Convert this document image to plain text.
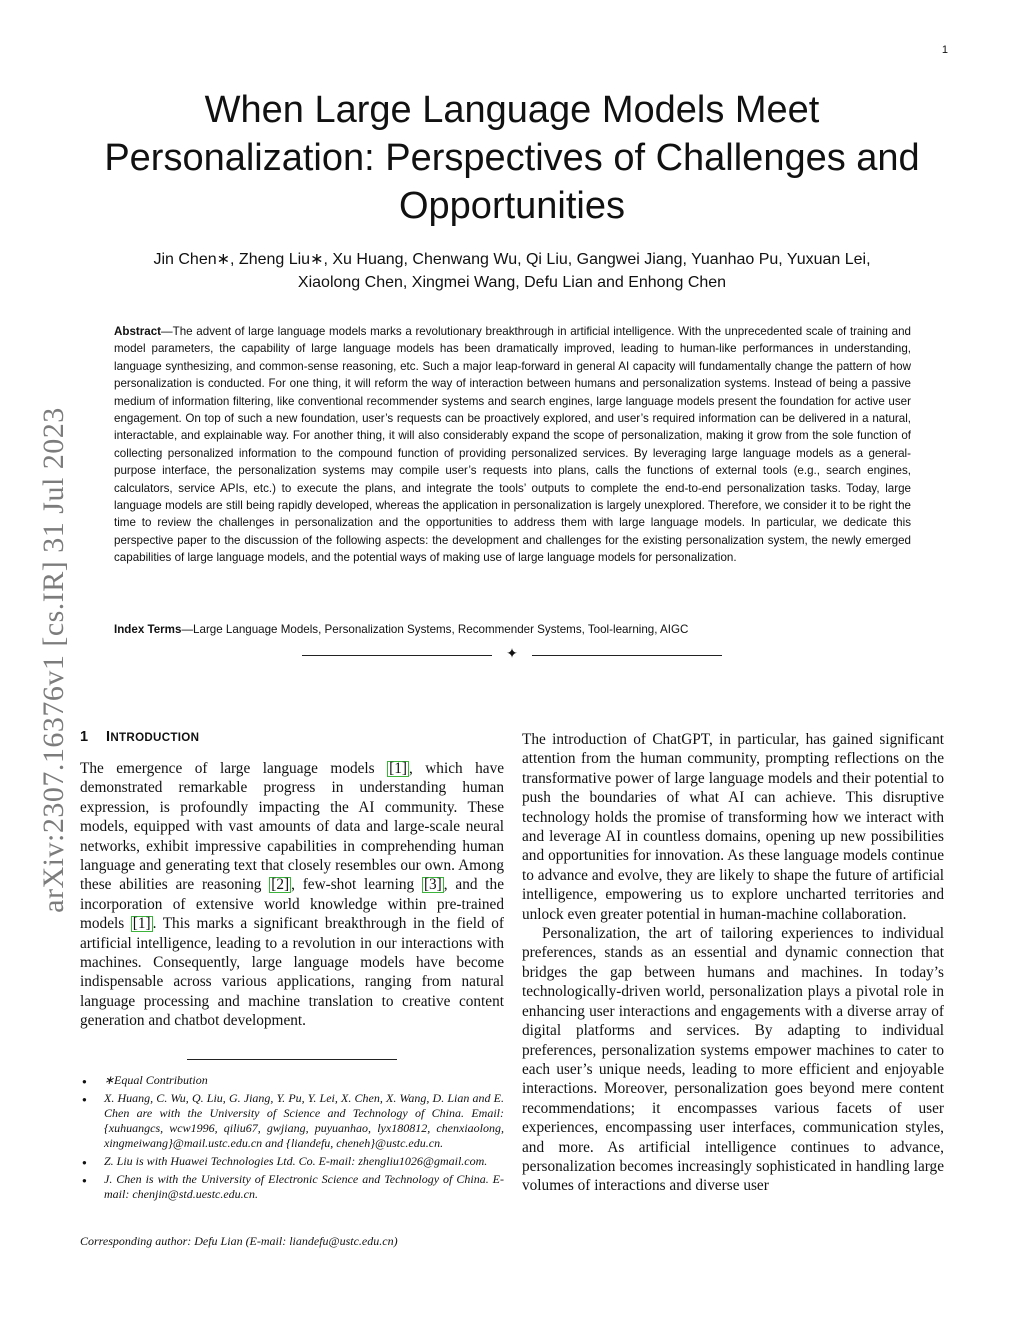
1
arXiv:2307.16376v1 [cs.IR] 31 Jul 2023
When Large Language Models Meet
Personalization: Perspectives of Challenges and
Opportunities
Jin Chen∗, Zheng Liu∗, Xu Huang, Chenwang Wu, Qi Liu, Gangwei Jiang, Yuanhao Pu, Yuxuan Lei,
Xiaolong Chen, Xingmei Wang, Defu Lian and Enhong Chen

Abstract—The advent of large language models marks a revolutionary breakthrough in artificial intelligence. With the unprecedented scale of training and model parameters, the capability of large language models has been dramatically improved, leading to human-like performances in understanding, language synthesizing, and common-sense reasoning, etc. Such a major leap-forward in general AI capacity will fundamentally change the pattern of how personalization is conducted. For one thing, it will reform the way of interaction between humans and personalization systems. Instead of being a passive medium of information filtering, like conventional recommender systems and search engines, large language models present the foundation for active user engagement. On top of such a new foundation, user’s requests can be proactively explored, and user’s required information can be delivered in a natural, interactable, and explainable way. For another thing, it will also considerably expand the scope of personalization, making it grow from the sole function of collecting personalized information to the compound function of providing personalized services. By leveraging large language models as a general-purpose interface, the personalization systems may compile user’s requests into plans, calls the functions of external tools (e.g., search engines, calculators, service APIs, etc.) to execute the plans, and integrate the tools’ outputs to complete the end-to-end personalization tasks. Today, large language models are still being rapidly developed, whereas the application in personalization is largely unexplored. Therefore, we consider it to be right the time to review the challenges in personalization and the opportunities to address them with large language models. In particular, we dedicate this perspective paper to the discussion of the following aspects: the development and challenges for the existing personalization system, the newly emerged capabilities of large language models, and the potential ways of making use of large language models for personalization.

Index Terms—Large Language Models, Personalization Systems, Recommender Systems, Tool-learning, AIGC

✦
1 INTRODUCTION

The emergence of large language models [1] , which have demonstrated remarkable progress in understanding human expression, is profoundly impacting the AI community. These models, equipped with vast amounts of data and large-scale neural networks, exhibit impressive capabilities in comprehending human language and generating text that closely resembles our own. Among these abilities are reasoning [2] , few-shot learning [3] , and the incorporation of extensive world knowledge within pre-trained models [1] . This marks a significant breakthrough in the field of artificial intelligence, leading to a revolution in our interactions with machines. Consequently, large language models have become indispensable across various applications, ranging from natural language processing and machine translation to creative content generation and chatbot development.

● ∗Equal Contribution
● X. Huang, C. Wu, Q. Liu, G. Jiang, Y. Pu, Y. Lei, X. Chen, X. Wang, D. Lian and E. Chen are with the University of Science and Technology of China. Email: {xuhuangcs, wcw1996, qiliu67, gwjiang, puyuanhao, lyx180812, chenxiaolong, xingmeiwang}@mail.ustc.edu.cn and {liandefu, cheneh}@ustc.edu.cn.
● Z. Liu is with Huawei Technologies Ltd. Co. E-mail: zhengliu1026@gmail.com.
● J. Chen is with the University of Electronic Science and Technology of China. E-mail: chenjin@std.uestc.edu.cn.
Corresponding author: Defu Lian (E-mail: liandefu@ustc.edu.cn)

The introduction of ChatGPT, in particular, has gained significant attention from the human community, prompting reflections on the transformative power of large language models and their potential to push the boundaries of what AI can achieve. This disruptive technology holds the promise of transforming how we interact with and leverage AI in countless domains, opening up new possibilities and opportunities for innovation. As these language models continue to advance and evolve, they are likely to shape the future of artificial intelligence, empowering us to explore uncharted territories and unlock even greater potential in human-machine collaboration.

Personalization, the art of tailoring experiences to individual preferences, stands as an essential and dynamic connection that bridges the gap between humans and machines. In today’s technologically-driven world, personalization plays a pivotal role in enhancing user interactions and engagements with a diverse array of digital platforms and services. By adapting to individual preferences, personalization systems empower machines to cater to each user’s unique needs, leading to more efficient and enjoyable interactions. Moreover, personalization goes beyond mere content recommendations; it encompasses various facets of user experiences, encompassing user interfaces, communication styles, and more. As artificial intelligence continues to advance, personalization becomes increasingly sophisticated in handling large volumes of interactions and diverse user
